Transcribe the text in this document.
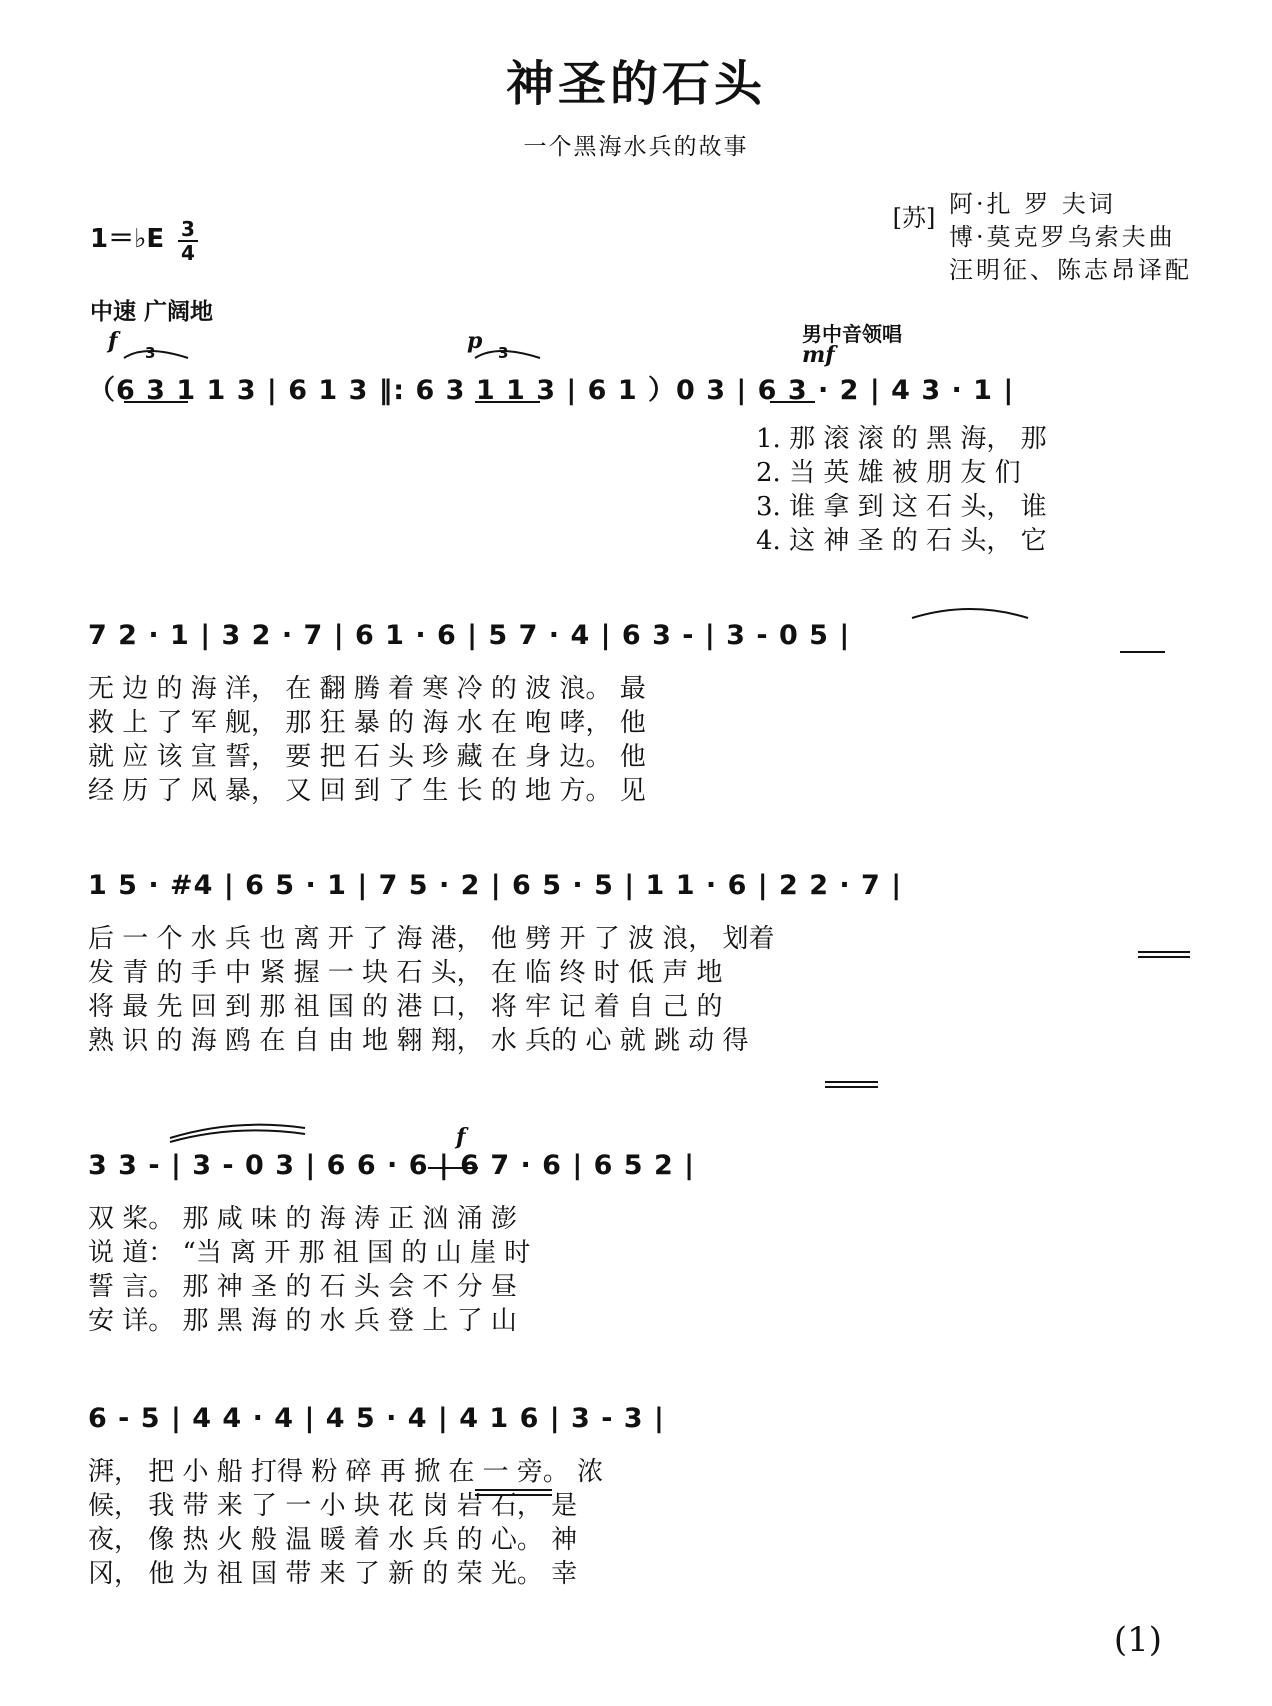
神圣的石头
一个黑海水兵的故事
[苏] 阿·扎 罗 夫词
博·莫克罗乌索夫曲
汪明征、陈志昂译配
1＝♭E 3
4
中速 广阔地
男中音领唱
f	p
mf
f
3	3
（6 3 1 1 3 | 6 1 3 ‖: 6 3 1 1 3 | 6 1 ）0 3 | 6 3 · 2 | 4 3 · 1 |
1. 那 滚 滚 的 黑 海， 那
2. 当 英 雄 被 朋 友 们
3. 谁 拿 到 这 石 头， 谁
4. 这 神 圣 的 石 头， 它
7 2 · 1 | 3 2 · 7 | 6 1 · 6 | 5 7 · 4 | 6 3 - | 3 - 0 5 |
无 边 的 海 洋， 在 翻 腾 着 寒 冷 的 波 浪。 最
救 上 了 军 舰， 那 狂 暴 的 海 水 在 咆 哮， 他
就 应 该 宣 誓， 要 把 石 头 珍 藏 在 身 边。 他
经 历 了 风 暴， 又 回 到 了 生 长 的 地 方。 见
1 5 · #4 | 6 5 · 1 | 7 5 · 2 | 6 5 · 5 | 1 1 · 6 | 2 2 · 7 |
后 一 个 水 兵 也 离 开 了 海 港， 他 劈 开 了 波 浪， 划着
发 青 的 手 中 紧 握 一 块 石 头， 在 临 终 时 低 声 地
将 最 先 回 到 那 祖 国 的 港 口， 将 牢 记 着 自 己 的
熟 识 的 海 鸥 在 自 由 地 翱 翔， 水 兵的 心 就 跳 动 得
3 3 - | 3 - 0 3 | 6 6 · 6 | 6 7 · 6 | 6 5 2 |
双 桨。 那 咸 味 的 海 涛 正 汹 涌 澎
说 道： “当 离 开 那 祖 国 的 山 崖 时
誓 言。 那 神 圣 的 石 头 会 不 分 昼
安 详。 那 黑 海 的 水 兵 登 上 了 山
6 - 5 | 4 4 · 4 | 4 5 · 4 | 4 1 6 | 3 - 3 |
湃， 把 小 船 打得 粉 碎 再 掀 在 一 旁。 浓
候， 我 带 来 了 一 小 块 花 岗 岩 石， 是
夜， 像 热 火 般 温 暖 着 水 兵 的 心。 神
冈， 他 为 祖 国 带 来 了 新 的 荣 光。 幸
(1)
